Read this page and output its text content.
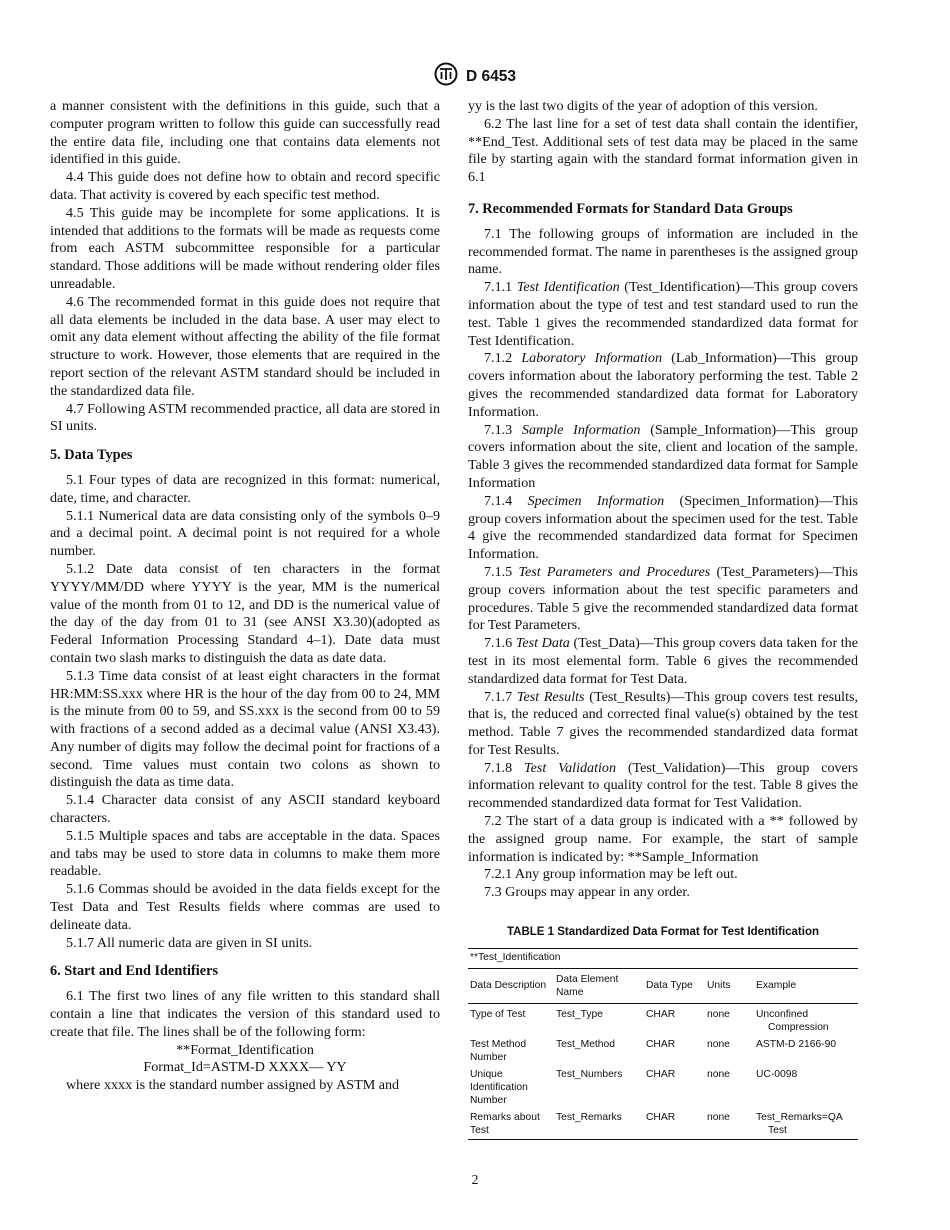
D 6453

a manner consistent with the definitions in this guide, such that a computer program written to follow this guide can successfully read the entire data file, including one that contains data elements not identified in this guide.

4.4 This guide does not define how to obtain and record specific data. That activity is covered by each specific test method.

4.5 This guide may be incomplete for some applications. It is intended that additions to the formats will be made as requests come from each ASTM subcommittee responsible for a particular standard. Those additions will be made without rendering older files unreadable.

4.6 The recommended format in this guide does not require that all data elements be included in the data base. A user may elect to omit any data element without affecting the ability of the file format structure to work. However, those elements that are required in the report section of the relevant ASTM standard should be included in the standardized data file.

4.7 Following ASTM recommended practice, all data are stored in SI units.

5. Data Types

5.1 Four types of data are recognized in this format: numerical, date, time, and character.

5.1.1 Numerical data are data consisting only of the symbols 0–9 and a decimal point. A decimal point is not required for a whole number.

5.1.2 Date data consist of ten characters in the format YYYY/MM/DD where YYYY is the year, MM is the numerical value of the month from 01 to 12, and DD is the numerical value of the day of the day from 01 to 31 (see ANSI X3.30)(adopted as Federal Information Processing Standard 4–1). Date data must contain two slash marks to distinguish the data as date data.

5.1.3 Time data consist of at least eight characters in the format HR:MM:SS.xxx where HR is the hour of the day from 00 to 24, MM is the minute from 00 to 59, and SS.xxx is the second from 00 to 59 with fractions of a second added as a decimal value (ANSI X3.43). Any number of digits may follow the decimal point for fractions of a second. Time values must contain two colons as shown to distinguish the data as time data.

5.1.4 Character data consist of any ASCII standard keyboard characters.

5.1.5 Multiple spaces and tabs are acceptable in the data. Spaces and tabs may be used to store data in columns to make them more readable.

5.1.6 Commas should be avoided in the data fields except for the Test Data and Test Results fields where commas are used to delineate data.

5.1.7 All numeric data are given in SI units.

6. Start and End Identifiers

6.1 The first two lines of any file written to this standard shall contain a line that indicates the version of this standard used to create that file. The lines shall be of the following form:

**Format_Identification

Format_Id=ASTM-D XXXX— YY

where xxxx is the standard number assigned by ASTM and

yy is the last two digits of the year of adoption of this version.

6.2 The last line for a set of test data shall contain the identifier, **End_Test. Additional sets of test data may be placed in the same file by starting again with the standard format information given in 6.1

7. Recommended Formats for Standard Data Groups

7.1 The following groups of information are included in the recommended format. The name in parentheses is the assigned group name.

7.1.1 Test Identification (Test_Identification)—This group covers information about the type of test and test standard used to run the test. Table 1 gives the recommended standardized data format for Test Identification.

7.1.2 Laboratory Information (Lab_Information)—This group covers information about the laboratory performing the test. Table 2 gives the recommended standardized data format for Laboratory Information.

7.1.3 Sample Information (Sample_Information)—This group covers information about the site, client and location of the sample. Table 3 gives the recommended standardized data format for Sample Information

7.1.4 Specimen Information (Specimen_Information)—This group covers information about the specimen used for the test. Table 4 give the recommended standardized data format for Specimen Information.

7.1.5 Test Parameters and Procedures (Test_Parameters)—This group covers information about the test specific parameters and procedures. Table 5 give the recommended standardized data format for Test Parameters.

7.1.6 Test Data (Test_Data)—This group covers data taken for the test in its most elemental form. Table 6 gives the recommended standardized data format for Test Data.

7.1.7 Test Results (Test_Results)—This group covers test results, that is, the reduced and corrected final value(s) obtained by the test method. Table 7 gives the recommended standardized data format for Test Results.

7.1.8 Test Validation (Test_Validation)—This group covers information relevant to quality control for the test. Table 8 gives the recommended standardized data format for Test Validation.

7.2 The start of a data group is indicated with a ** followed by the assigned group name. For example, the start of sample information is indicated by: **Sample_Information

7.2.1 Any group information may be left out.

7.3 Groups may appear in any order.

TABLE 1 Standardized Data Format for Test Identification
**Test_Identification				
Data Description	Data Element Name	Data Type	Units	Example
Type of Test	Test_Type	CHAR	none	Unconfined
Compression

Test Method Number	Test_Method	CHAR	none	ASTM-D 2166-90

Unique Identification Number	Test_Numbers	CHAR	none	UC-0098

Remarks about Test	Test_Remarks	CHAR	none	Test_Remarks=QA
Test
2
